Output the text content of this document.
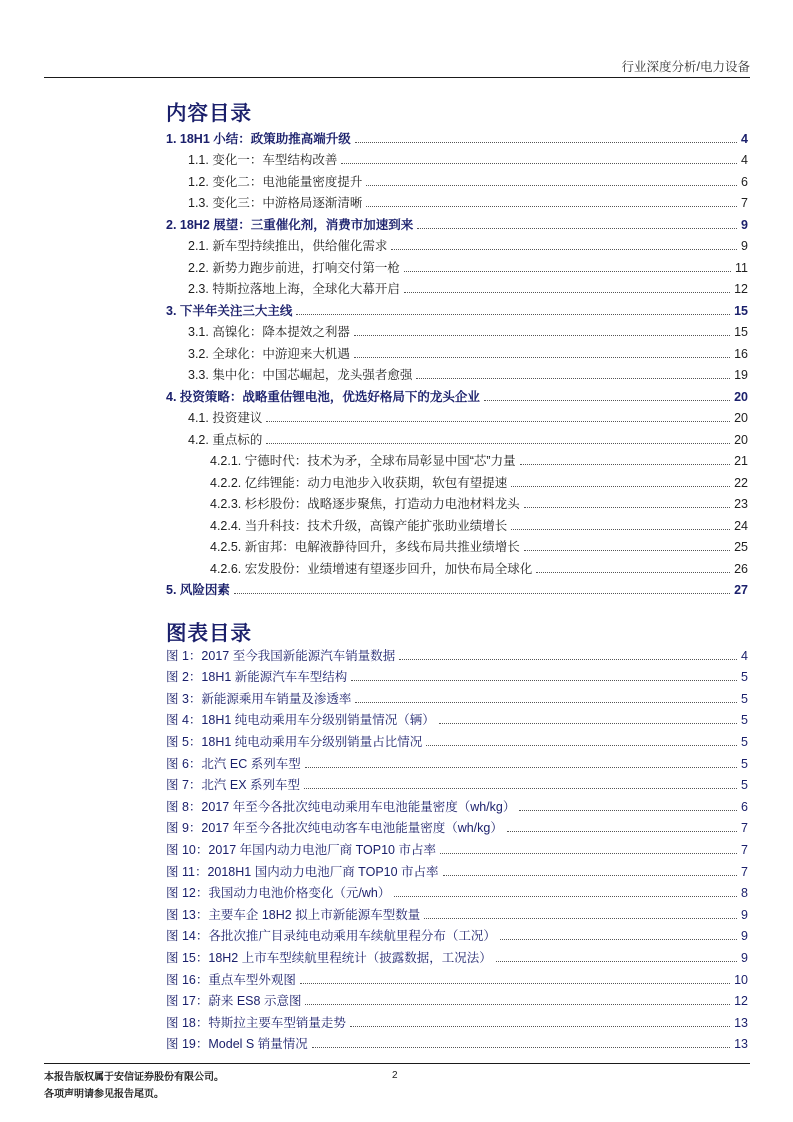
行业深度分析/电力设备
内容目录
1. 18H1 小结：政策助推高端升级	4
1.1. 变化一：车型结构改善	4
1.2. 变化二：电池能量密度提升	6
1.3. 变化三：中游格局逐渐清晰	7
2. 18H2 展望：三重催化剂，消费市加速到来	9
2.1. 新车型持续推出，供给催化需求	9
2.2. 新势力跑步前进，打响交付第一枪	11
2.3. 特斯拉落地上海，全球化大幕开启	12
3. 下半年关注三大主线	15
3.1. 高镍化：降本提效之利器	15
3.2. 全球化：中游迎来大机遇	16
3.3. 集中化：中国芯崛起，龙头强者愈强	19
4. 投资策略：战略重估锂电池，优选好格局下的龙头企业	20
4.1. 投资建议	20
4.2. 重点标的	20
4.2.1. 宁德时代：技术为矛，全球布局彰显中国“芯”力量	21
4.2.2. 亿纬锂能：动力电池步入收获期，软包有望提速	22
4.2.3. 杉杉股份：战略逐步聚焦，打造动力电池材料龙头	23
4.2.4. 当升科技：技术升级，高镍产能扩张助业绩增长	24
4.2.5. 新宙邦：电解液静待回升，多线布局共推业绩增长	25
4.2.6. 宏发股份：业绩增速有望逐步回升，加快布局全球化	26
5. 风险因素	27
图表目录
图 1：2017 至今我国新能源汽车销量数据	4
图 2：18H1 新能源汽车车型结构	5
图 3：新能源乘用车销量及渗透率	5
图 4：18H1 纯电动乘用车分级别销量情况（辆）	5
图 5：18H1 纯电动乘用车分级别销量占比情况	5
图 6：北汽 EC 系列车型	5
图 7：北汽 EX 系列车型	5
图 8：2017 年至今各批次纯电动乘用车电池能量密度（wh/kg）	6
图 9：2017 年至今各批次纯电动客车电池能量密度（wh/kg）	7
图 10：2017 年国内动力电池厂商 TOP10 市占率	7
图 11：2018H1 国内动力电池厂商 TOP10 市占率	7
图 12：我国动力电池价格变化（元/wh）	8
图 13：主要车企 18H2 拟上市新能源车型数量	9
图 14：各批次推广目录纯电动乘用车续航里程分布（工况）	9
图 15：18H2 上市车型续航里程统计（披露数据，工况法）	9
图 16：重点车型外观图	10
图 17：蔚来 ES8 示意图	12
图 18：特斯拉主要车型销量走势	13
图 19：Model S 销量情况	13
本报告版权属于安信证券股份有限公司。
各项声明请参见报告尾页。
2
